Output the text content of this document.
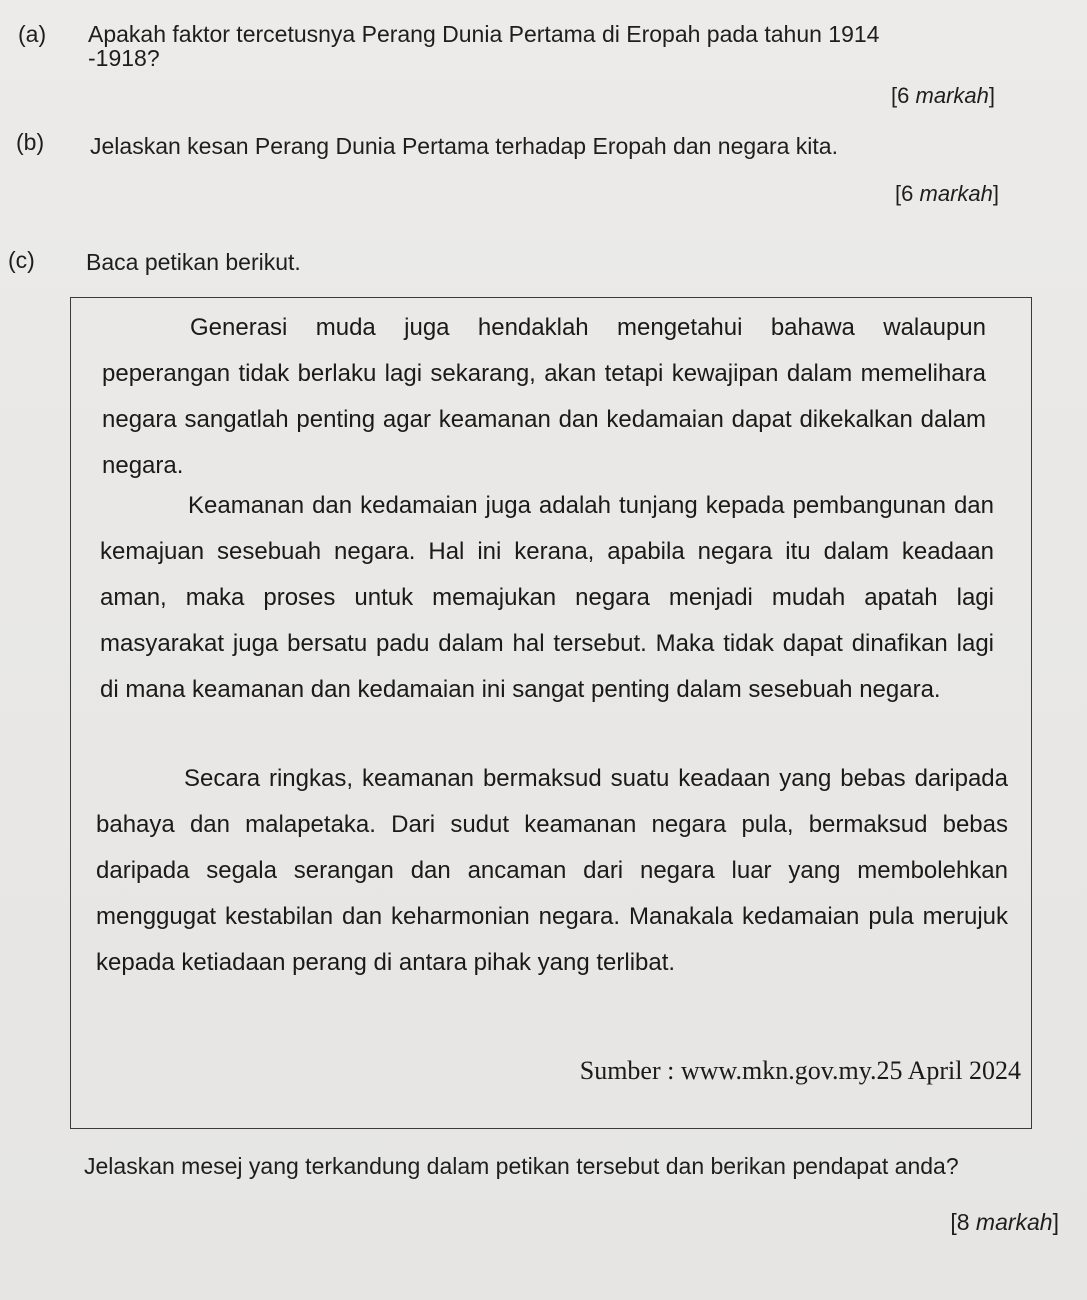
(a) Apakah faktor tercetusnya Perang Dunia Pertama di Eropah pada tahun 1914 -1918?
[6 markah]
(b) Jelaskan kesan Perang Dunia Pertama terhadap Eropah dan negara kita.
[6 markah]
(c) Baca petikan berikut.

Generasi muda juga hendaklah mengetahui bahawa walaupun peperangan tidak berlaku lagi sekarang, akan tetapi kewajipan dalam memelihara negara sangatlah penting agar keamanan dan kedamaian dapat dikekalkan dalam negara.

Keamanan dan kedamaian juga adalah tunjang kepada pembangunan dan kemajuan sesebuah negara. Hal ini kerana, apabila negara itu dalam keadaan aman, maka proses untuk memajukan negara menjadi mudah apatah lagi masyarakat juga bersatu padu dalam hal tersebut. Maka tidak dapat dinafikan lagi di mana keamanan dan kedamaian ini sangat penting dalam sesebuah negara.

Secara ringkas, keamanan bermaksud suatu keadaan yang bebas daripada bahaya dan malapetaka. Dari sudut keamanan negara pula, bermaksud bebas daripada segala serangan dan ancaman dari negara luar yang membolehkan menggugat kestabilan dan keharmonian negara. Manakala kedamaian pula merujuk kepada ketiadaan perang di antara pihak yang terlibat.

Sumber : www.mkn.gov.my.25 April 2024
Jelaskan mesej yang terkandung dalam petikan tersebut dan berikan pendapat anda?
[8 markah]
